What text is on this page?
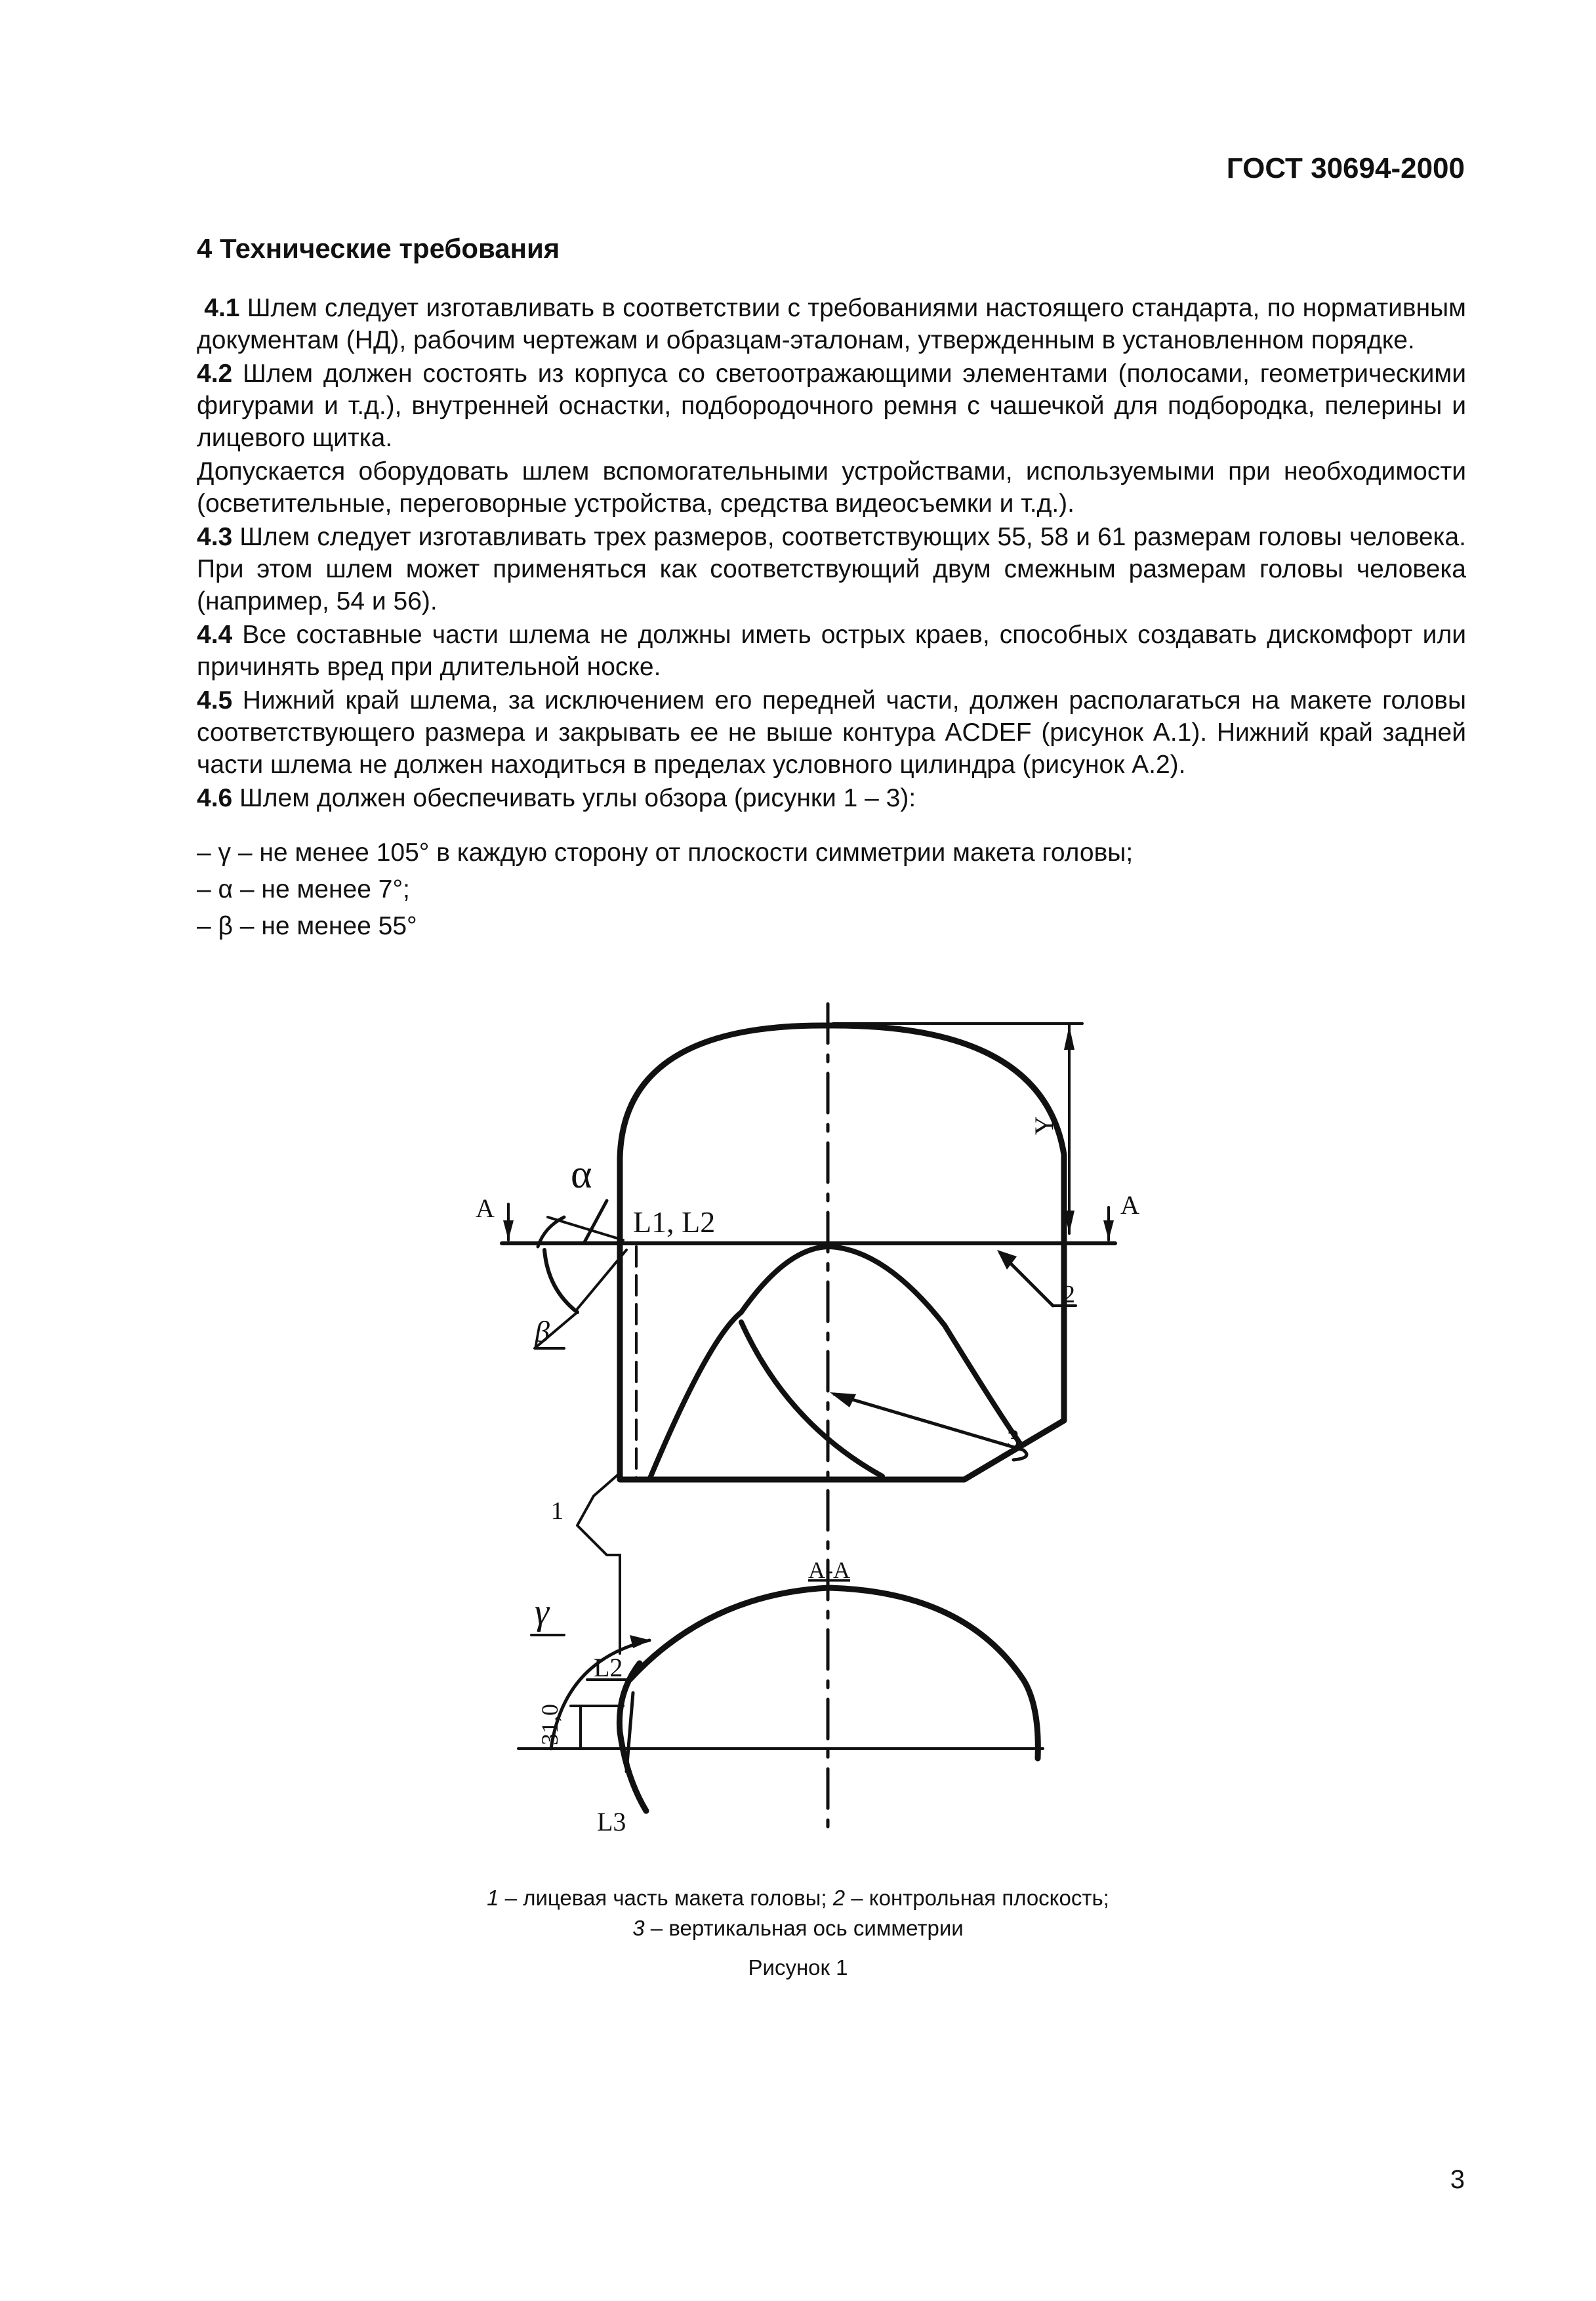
ГОСТ 30694-2000
4 Технические требования

4.1 Шлем следует изготавливать в соответствии с требованиями настоящего стандарта, по нормативным документам (НД), рабочим чертежам и образцам-эталонам, утвержденным в установленном порядке.

4.2 Шлем должен состоять из корпуса со светоотражающими элементами (полосами, геометрическими фигурами и т.д.), внутренней оснастки, подбородочного ремня с чашечкой для подбородка, пелерины и лицевого щитка.

Допускается оборудовать шлем вспомогательными устройствами, используемыми при необходимости (осветительные, переговорные устройства, средства видеосъемки и т.д.).

4.3 Шлем следует изготавливать трех размеров, соответствующих 55, 58 и 61 размерам головы человека. При этом шлем может применяться как соответствующий двум смежным размерам головы человека (например, 54 и 56).

4.4 Все составные части шлема не должны иметь острых краев, способных создавать дискомфорт или причинять вред при длительной носке.

4.5 Нижний край шлема, за исключением его передней части, должен располагаться на макете головы соответствующего размера и закрывать ее не выше контура ACDEF (рисунок А.1). Нижний край задней части шлема не должен находиться в пределах условного цилиндра (рисунок А.2).

4.6 Шлем должен обеспечивать углы обзора (рисунки 1 – 3):

– γ – не менее 105° в каждую сторону от плоскости симметрии макета головы;
– α – не менее 7°;
– β – не менее 55°
α
β
γ
A	A
Y
L1, L2
A-A
L2
L3
31,0
1
2
3
1 – лицевая часть макета головы; 2 – контрольная плоскость;
3 – вертикальная ось симметрии
Рисунок 1
3
